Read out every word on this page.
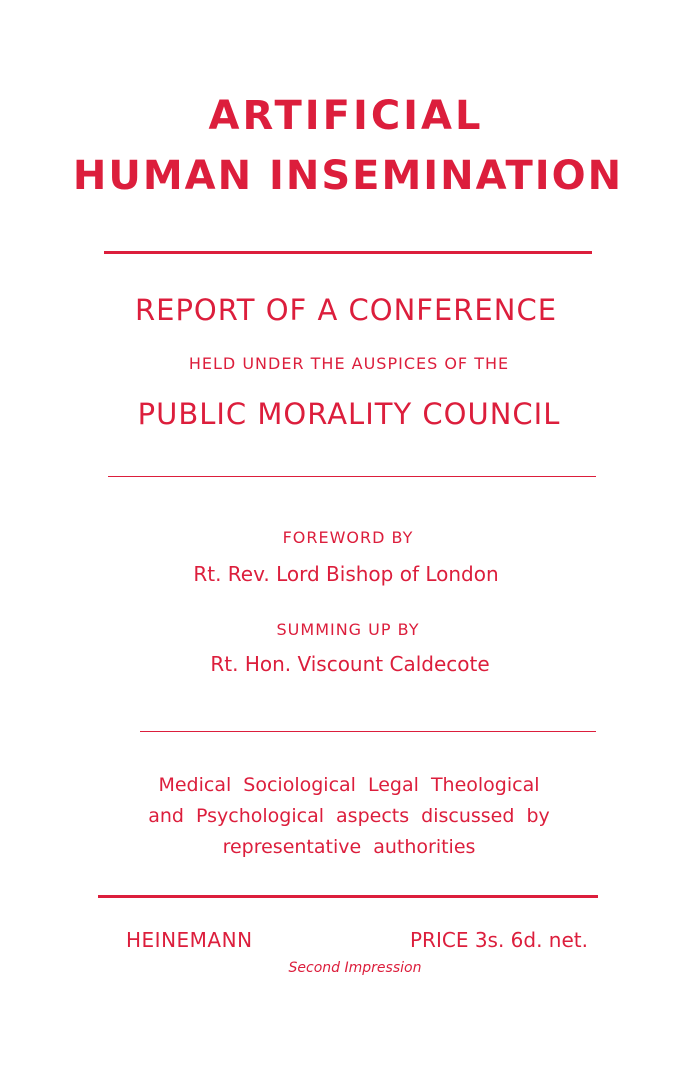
ARTIFICIAL
HUMAN INSEMINATION
REPORT OF A CONFERENCE
HELD UNDER THE AUSPICES OF THE
PUBLIC MORALITY COUNCIL
FOREWORD BY
Rt. Rev. Lord Bishop of London
SUMMING UP BY
Rt. Hon. Viscount Caldecote
Medical Sociological Legal Theological
and Psychological aspects discussed by
representative authorities
HEINEMANN	PRICE 3s. 6d. net.
Second Impression
